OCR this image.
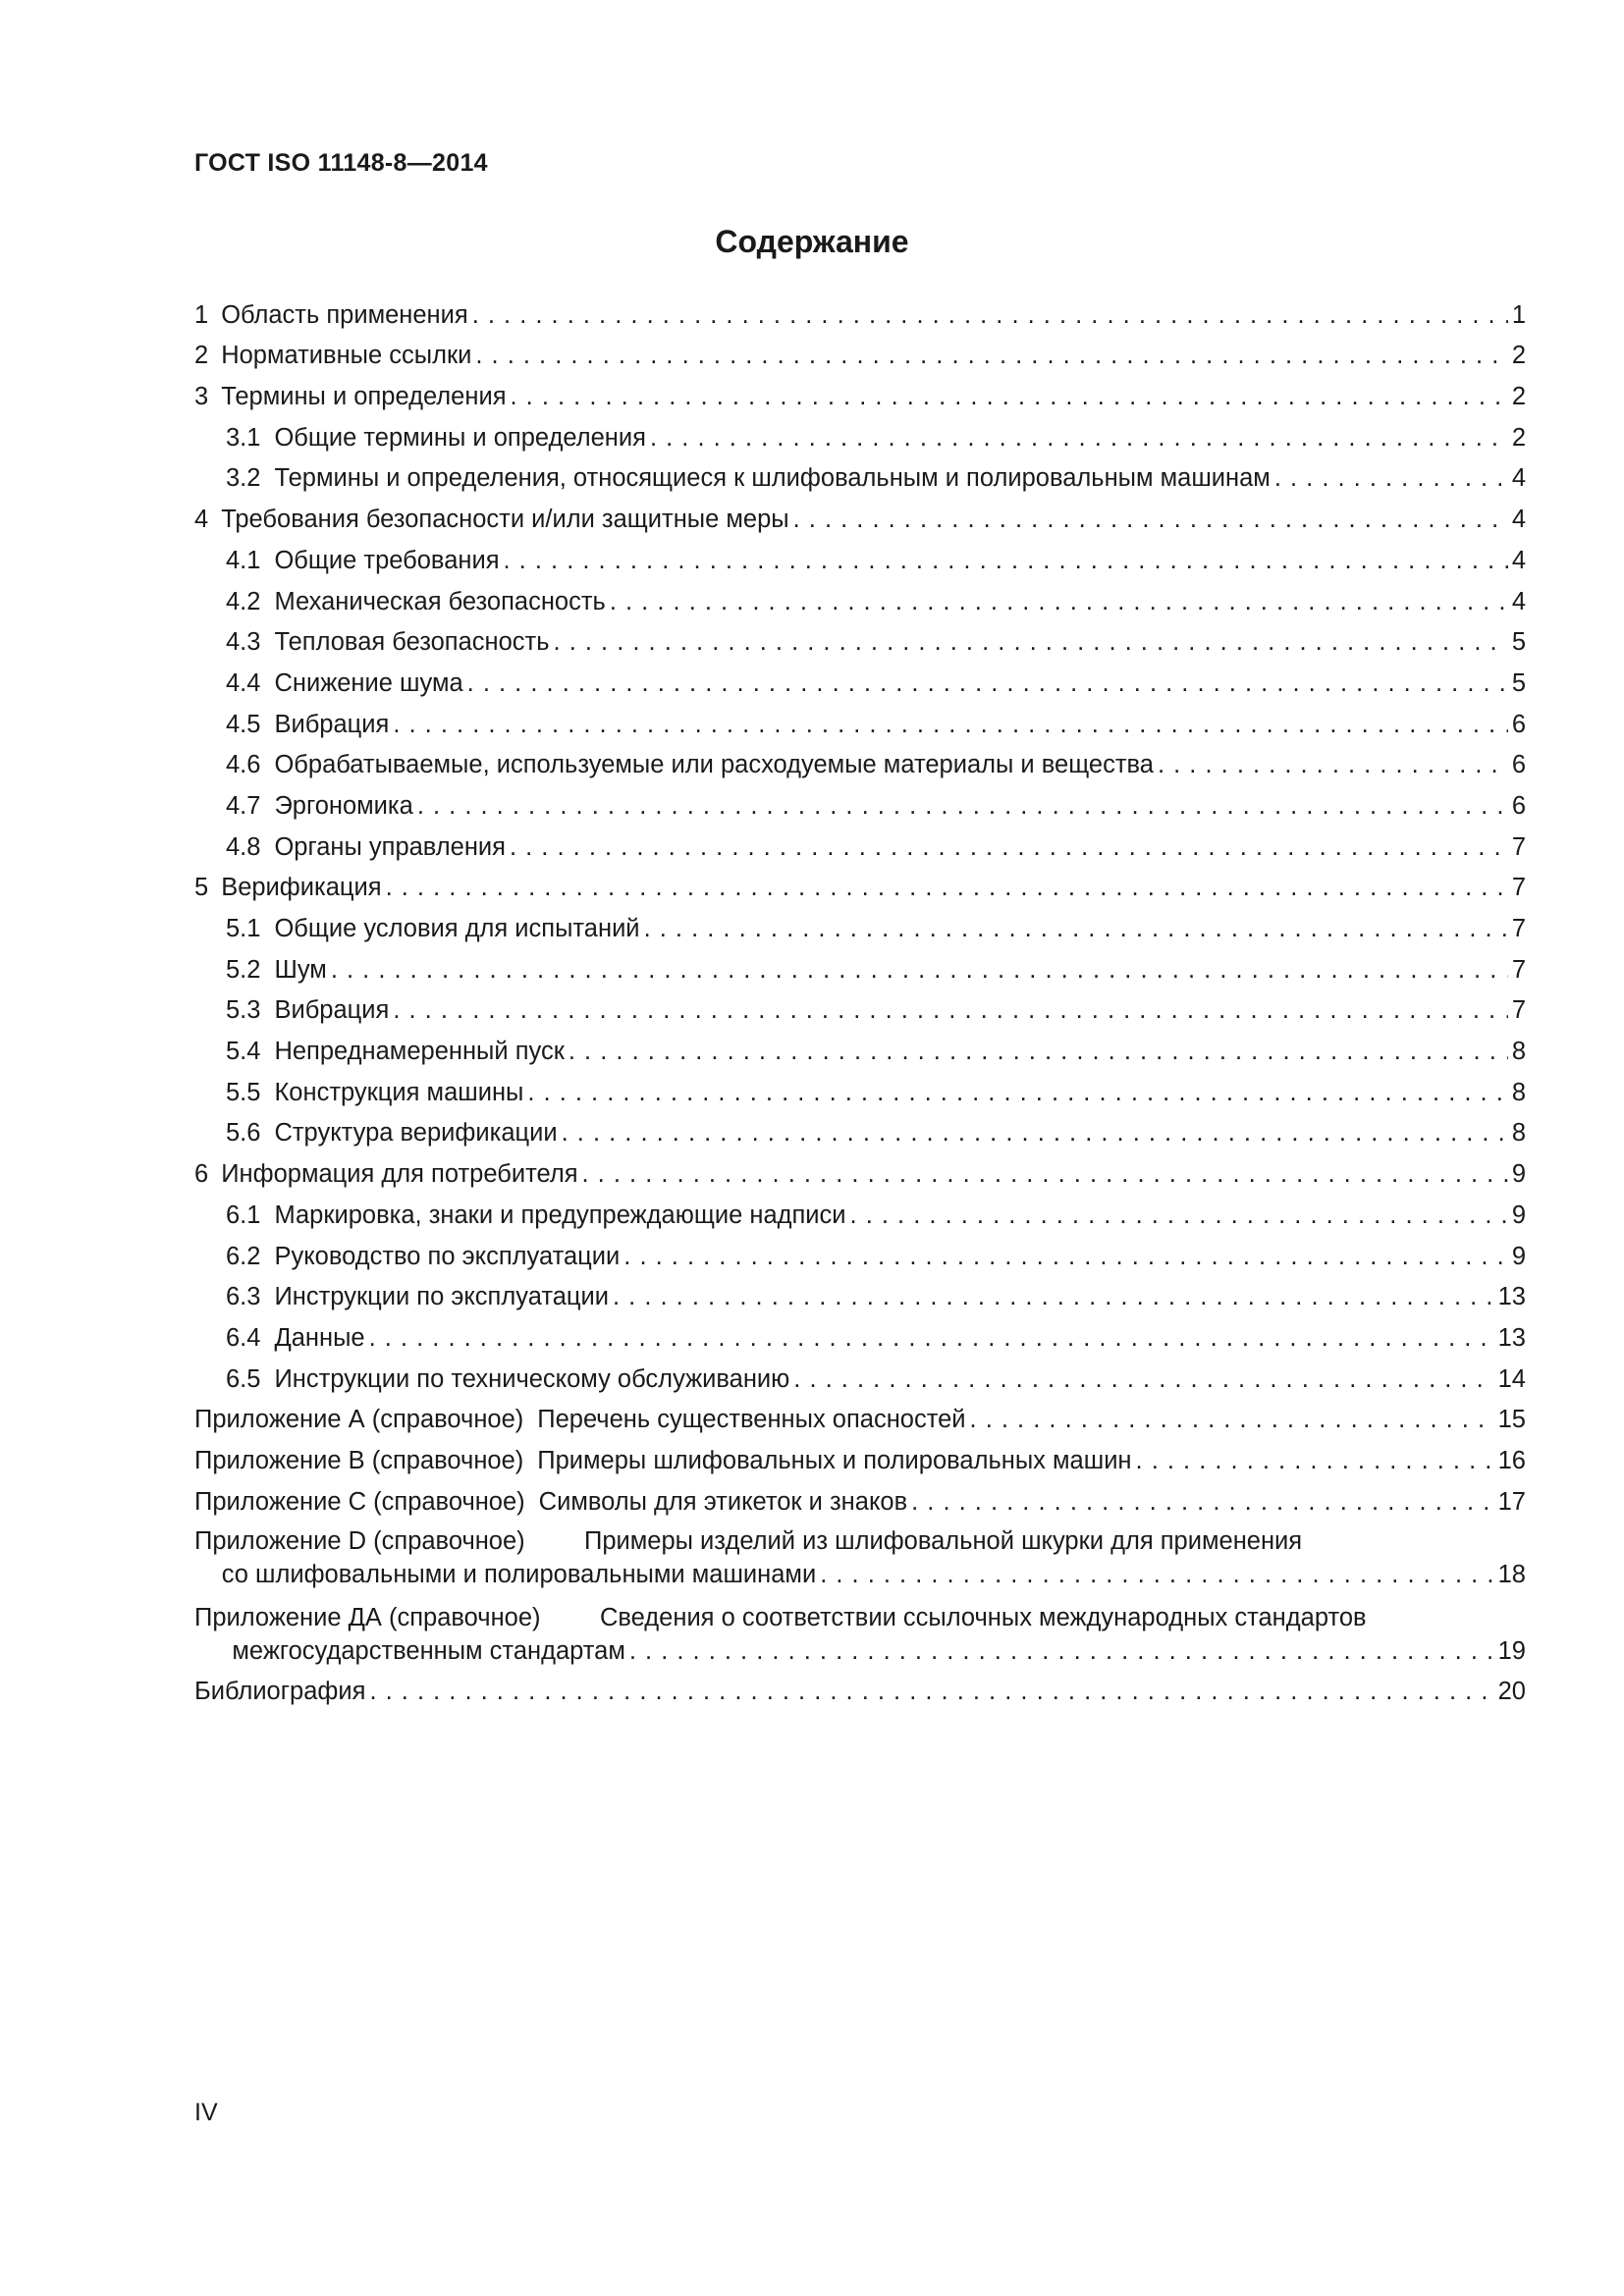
ГОСТ ISO 11148-8—2014
Содержание
1 Область применения . . .	1
2 Нормативные ссылки . . .	2
3 Термины и определения . . .	2
3.1 Общие термины и определения . . .	2
3.2 Термины и определения, относящиеся к шлифовальным и полировальным машинам . . .	4
4 Требования безопасности и/или защитные меры . . .	4
4.1 Общие требования . . .	4
4.2 Механическая безопасность . . .	4
4.3 Тепловая безопасность . . .	5
4.4 Снижение шума . . .	5
4.5 Вибрация . . .	6
4.6 Обрабатываемые, используемые или расходуемые материалы и вещества . . .	6
4.7 Эргономика . . .	6
4.8 Органы управления . . .	7
5 Верификация . . .	7
5.1 Общие условия для испытаний . . .	7
5.2 Шум . . .	7
5.3 Вибрация . . .	7
5.4 Непреднамеренный пуск . . .	8
5.5 Конструкция машины . . .	8
5.6 Структура верификации . . .	8
6 Информация для потребителя . . .	9
6.1 Маркировка, знаки и предупреждающие надписи . . .	9
6.2 Руководство по эксплуатации . . .	9
6.3 Инструкции по эксплуатации . . .	13
6.4 Данные . . .	13
6.5 Инструкции по техническому обслуживанию . . .	14
Приложение А (справочное) Перечень существенных опасностей . . .	15
Приложение В (справочное) Примеры шлифовальных и полировальных машин . . .	16
Приложение С (справочное) Символы для этикеток и знаков . . .	17
Приложение D (справочное)	Примеры изделий из шлифовальной шкурки для применения
со шлифовальными и полировальными машинами . . .	18
Приложение ДА (справочное)	Сведения о соответствии ссылочных международных стандартов
межгосударственным стандартам . . .	19
Библиография . . .	20
IV
